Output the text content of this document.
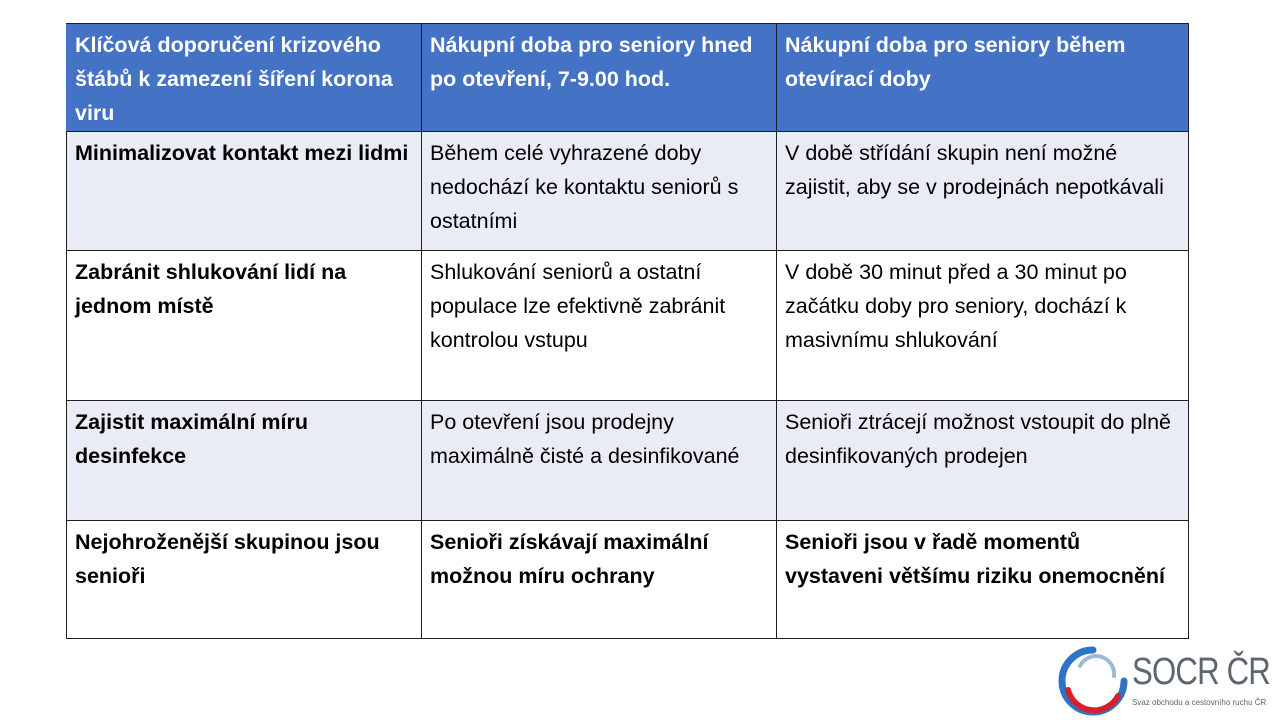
Klíčová doporučení krizového štábů k zamezení šíření korona viru	Nákupní doba pro seniory hned po otevření, 7-9.00 hod.	Nákupní doba pro seniory během otevírací doby
Minimalizovat kontakt mezi lidmi	Během celé vyhrazené doby nedochází ke kontaktu seniorů s ostatními	V době střídání skupin není možné zajistit, aby se v prodejnách nepotkávali
Zabránit shlukování lidí na jednom místě	Shlukování seniorů a ostatní populace lze efektivně zabránit kontrolou vstupu	V době 30 minut před a 30 minut po začátku doby pro seniory, dochází k masivnímu shlukování
Zajistit maximální míru desinfekce	Po otevření jsou prodejny maximálně čisté a desinfikované	Senioři ztrácejí možnost vstoupit do plně desinfikovaných prodejen
Nejohroženější skupinou jsou senioři	Senioři získávají maximální možnou míru ochrany	Senioři jsou v řadě momentů vystaveni většímu riziku onemocnění
SOCR ČR
Svaz obchodu a cestovního ruchu ČR
